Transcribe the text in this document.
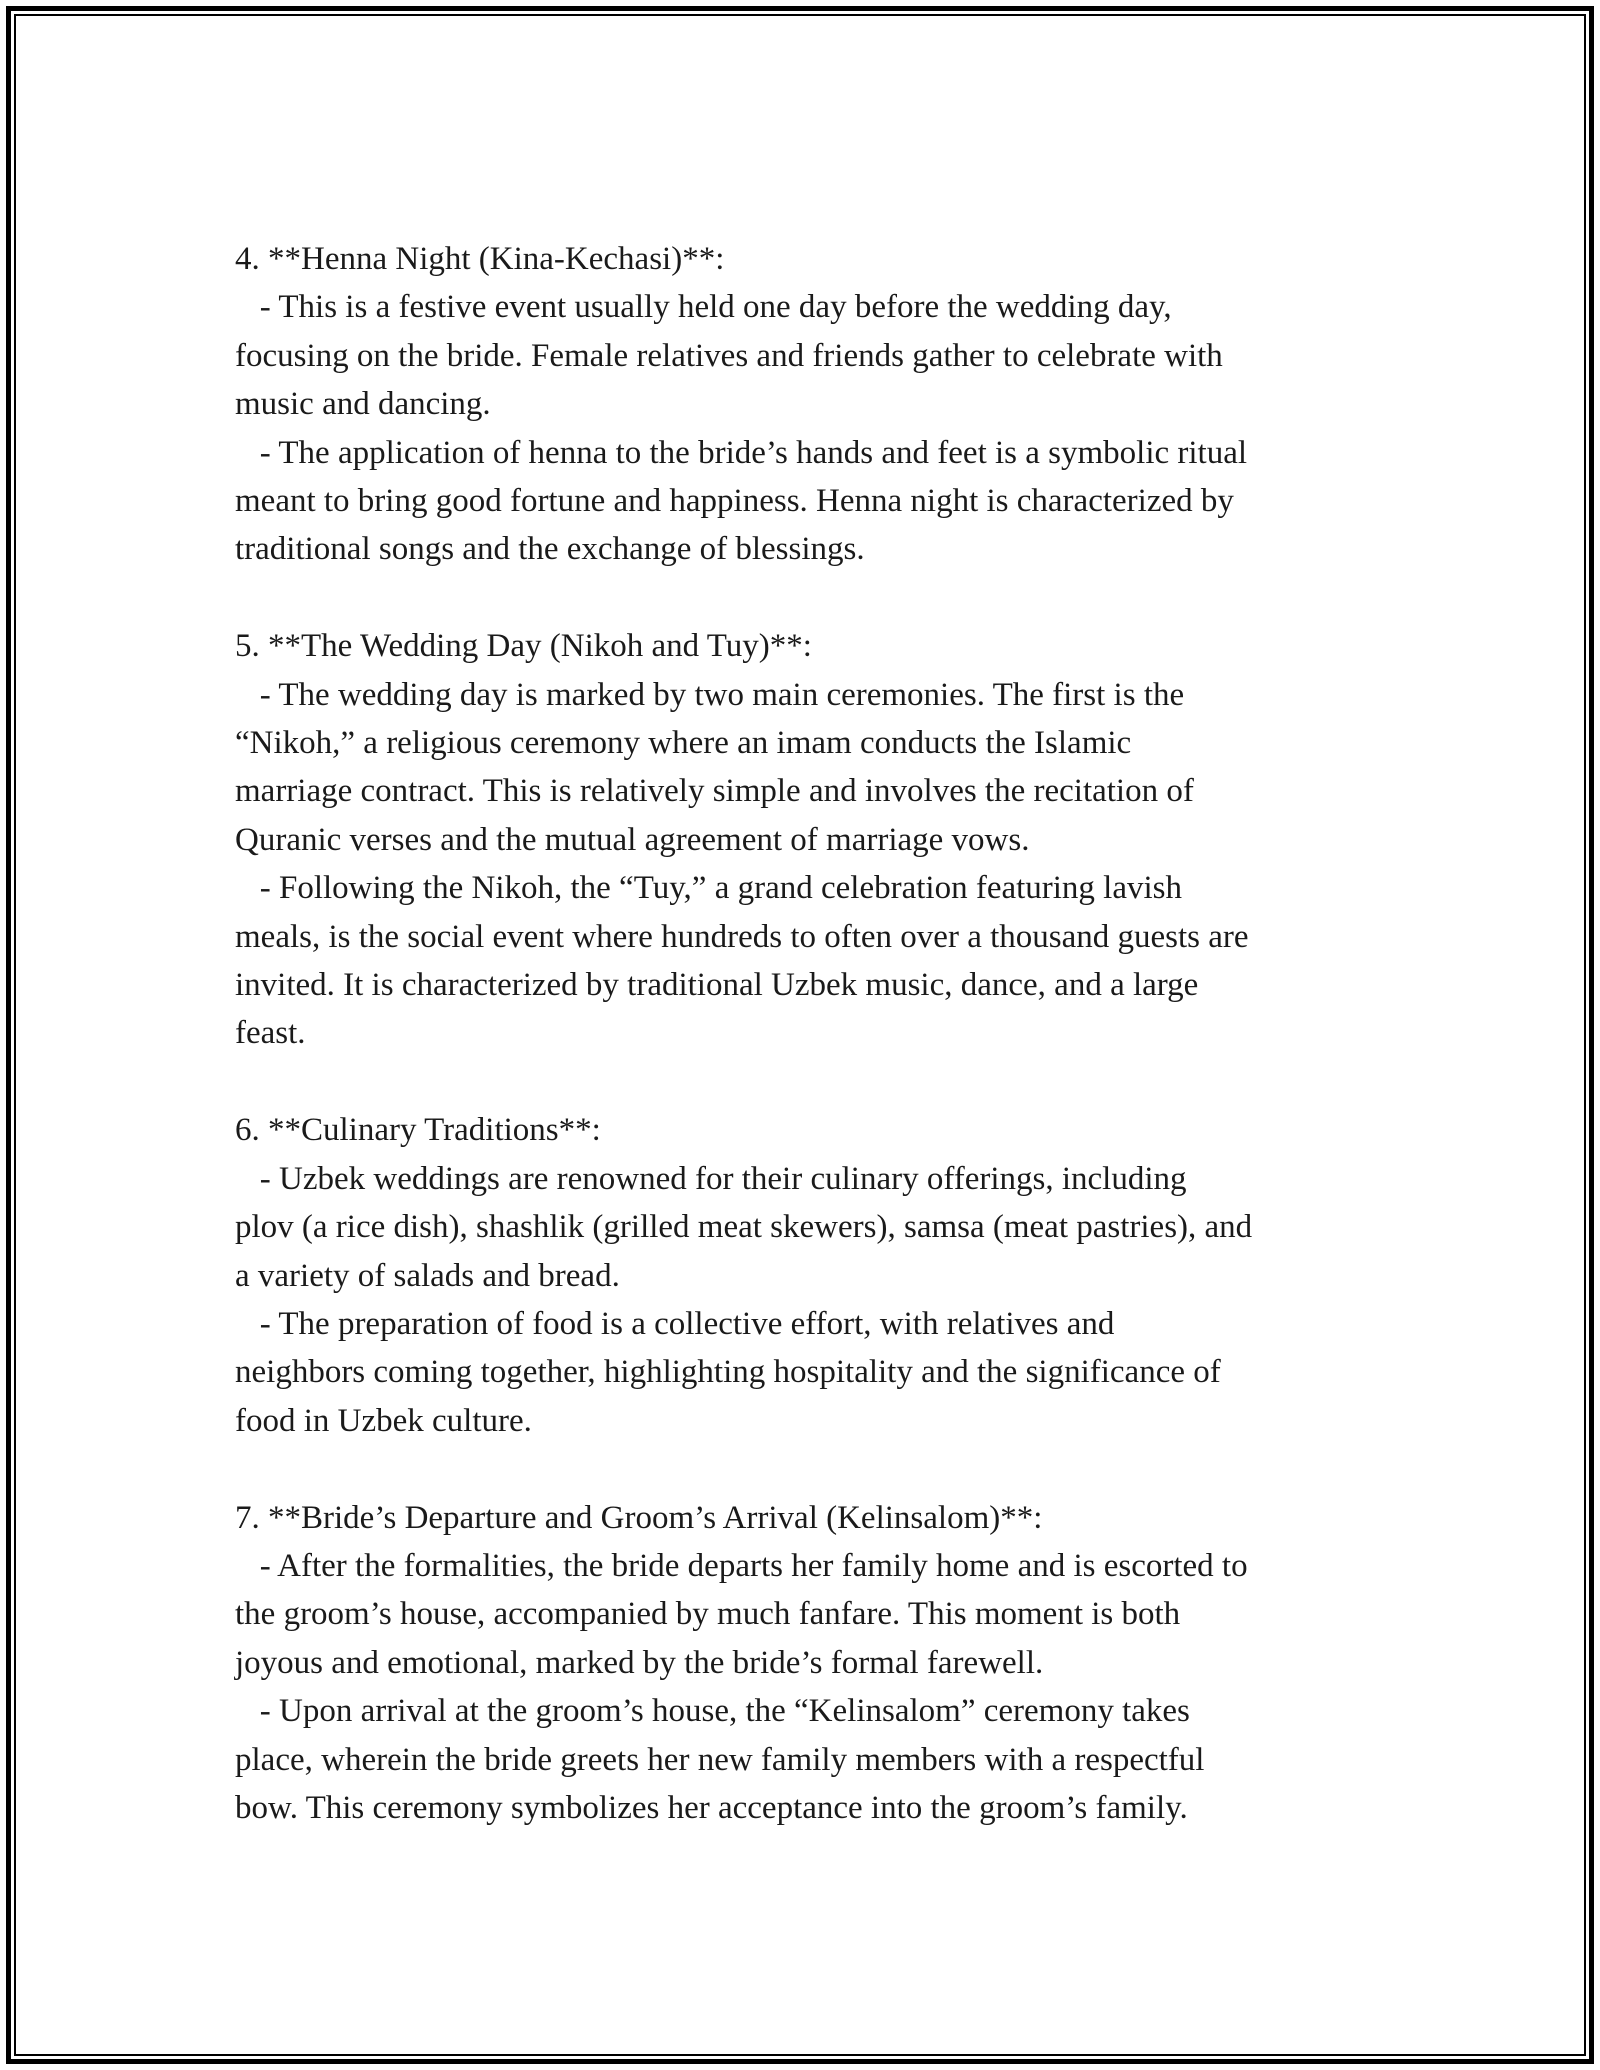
4. **Henna Night (Kina-Kechasi)**:
- This is a festive event usually held one day before the wedding day,
focusing on the bride. Female relatives and friends gather to celebrate with
music and dancing.
- The application of henna to the bride’s hands and feet is a symbolic ritual
meant to bring good fortune and happiness. Henna night is characterized by
traditional songs and the exchange of blessings.
5. **The Wedding Day (Nikoh and Tuy)**:
- The wedding day is marked by two main ceremonies. The first is the
“Nikoh,” a religious ceremony where an imam conducts the Islamic
marriage contract. This is relatively simple and involves the recitation of
Quranic verses and the mutual agreement of marriage vows.
- Following the Nikoh, the “Tuy,” a grand celebration featuring lavish
meals, is the social event where hundreds to often over a thousand guests are
invited. It is characterized by traditional Uzbek music, dance, and a large
feast.
6. **Culinary Traditions**:
- Uzbek weddings are renowned for their culinary offerings, including
plov (a rice dish), shashlik (grilled meat skewers), samsa (meat pastries), and
a variety of salads and bread.
- The preparation of food is a collective effort, with relatives and
neighbors coming together, highlighting hospitality and the significance of
food in Uzbek culture.
7. **Bride’s Departure and Groom’s Arrival (Kelinsalom)**:
- After the formalities, the bride departs her family home and is escorted to
the groom’s house, accompanied by much fanfare. This moment is both
joyous and emotional, marked by the bride’s formal farewell.
- Upon arrival at the groom’s house, the “Kelinsalom” ceremony takes
place, wherein the bride greets her new family members with a respectful
bow. This ceremony symbolizes her acceptance into the groom’s family.
